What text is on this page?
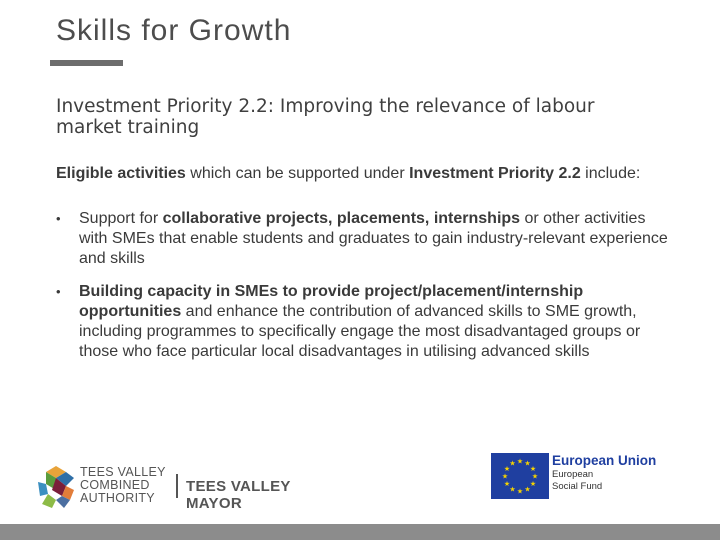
Skills for Growth
Investment Priority 2.2: Improving the relevance of labour market training
Eligible activities which can be supported under Investment Priority 2.2 include:
•	Support for collaborative projects, placements, internships or other activities with SMEs that enable students and graduates to gain industry-relevant experience and skills
•	Building capacity in SMEs to provide project/placement/internship opportunities and enhance the contribution of advanced skills to SME growth, including programmes to specifically engage the most disadvantaged groups or those who face particular local disadvantages in utilising advanced skills
TEES VALLEY
COMBINED
AUTHORITY
TEES VALLEY MAYOR
★
★
★
★
★
★
★
★
★ ★ ★
★
European Union
European
Social Fund
